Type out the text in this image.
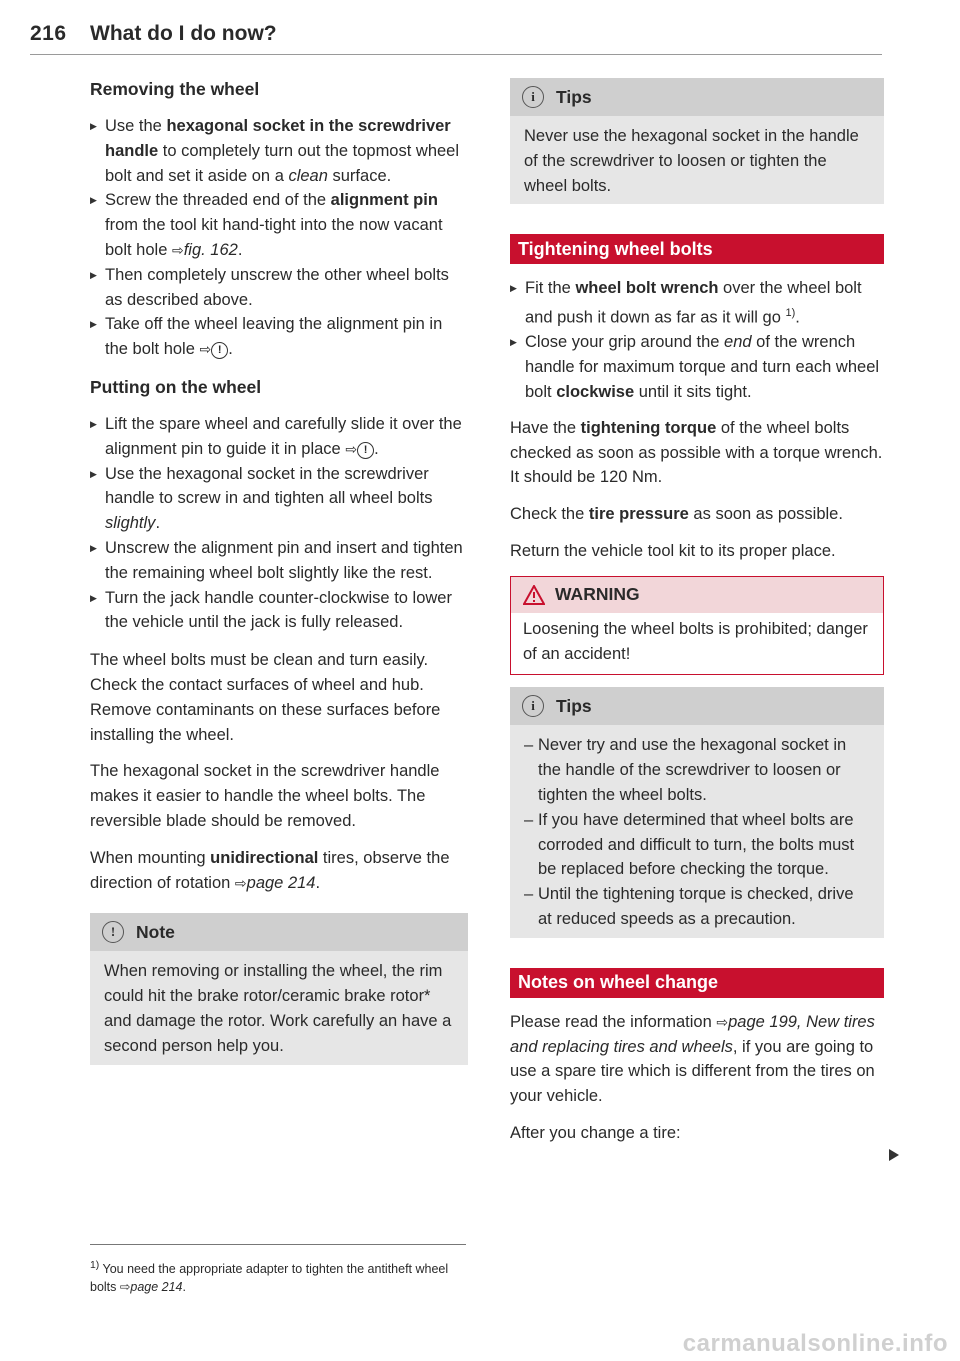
216 What do I do now?
Removing the wheel
▶ Use the hexagonal socket in the screwdriver handle to completely turn out the topmost wheel bolt and set it aside on a clean surface.
▶ Screw the threaded end of the alignment pin from the tool kit hand-tight into the now vacant bolt hole ⇨fig. 162.
▶ Then completely unscrew the other wheel bolts as described above.
▶ Take off the wheel leaving the alignment pin in the bolt hole ⇨ ! .
Putting on the wheel
▶ Lift the spare wheel and carefully slide it over the alignment pin to guide it in place ⇨ ! .
▶ Use the hexagonal socket in the screwdriver handle to screw in and tighten all wheel bolts slightly.
▶ Unscrew the alignment pin and insert and tighten the remaining wheel bolt slightly like the rest.
▶ Turn the jack handle counter-clockwise to lower the vehicle until the jack is fully released.

The wheel bolts must be clean and turn easily. Check the contact surfaces of wheel and hub. Remove contaminants on these surfaces before installing the wheel.

The hexagonal socket in the screwdriver handle makes it easier to handle the wheel bolts. The reversible blade should be removed.

When mounting unidirectional tires, observe the direction of rotation ⇨page 214.

!	Note
When removing or installing the wheel, the rim could hit the brake rotor/ceramic brake rotor* and damage the rotor. Work carefully an have a second person help you.
$^{1)}$ You need the appropriate adapter to tighten the antitheft wheel bolts ⇨page 214.
i	Tips
Never use the hexagonal socket in the handle of the screwdriver to loosen or tighten the wheel bolts.
Tightening wheel bolts
▶ Fit the wheel bolt wrench over the wheel bolt and push it down as far as it will go $^{1)}$.
▶ Close your grip around the end of the wrench handle for maximum torque and turn each wheel bolt clockwise until it sits tight.

Have the tightening torque of the wheel bolts checked as soon as possible with a torque wrench. It should be 120 Nm.

Check the tire pressure as soon as possible.

Return the vehicle tool kit to its proper place.

WARNING
Loosening the wheel bolts is prohibited; danger of an accident!
i	Tips
– Never try and use the hexagonal socket in the handle of the screwdriver to loosen or tighten the wheel bolts.
– If you have determined that wheel bolts are corroded and difficult to turn, the bolts must be replaced before checking the torque.
– Until the tightening torque is checked, drive at reduced speeds as a precaution.
Notes on wheel change

Please read the information ⇨page 199, New tires and replacing tires and wheels, if you are going to use a spare tire which is different from the tires on your vehicle.

After you change a tire:

carmanualsonline.info
